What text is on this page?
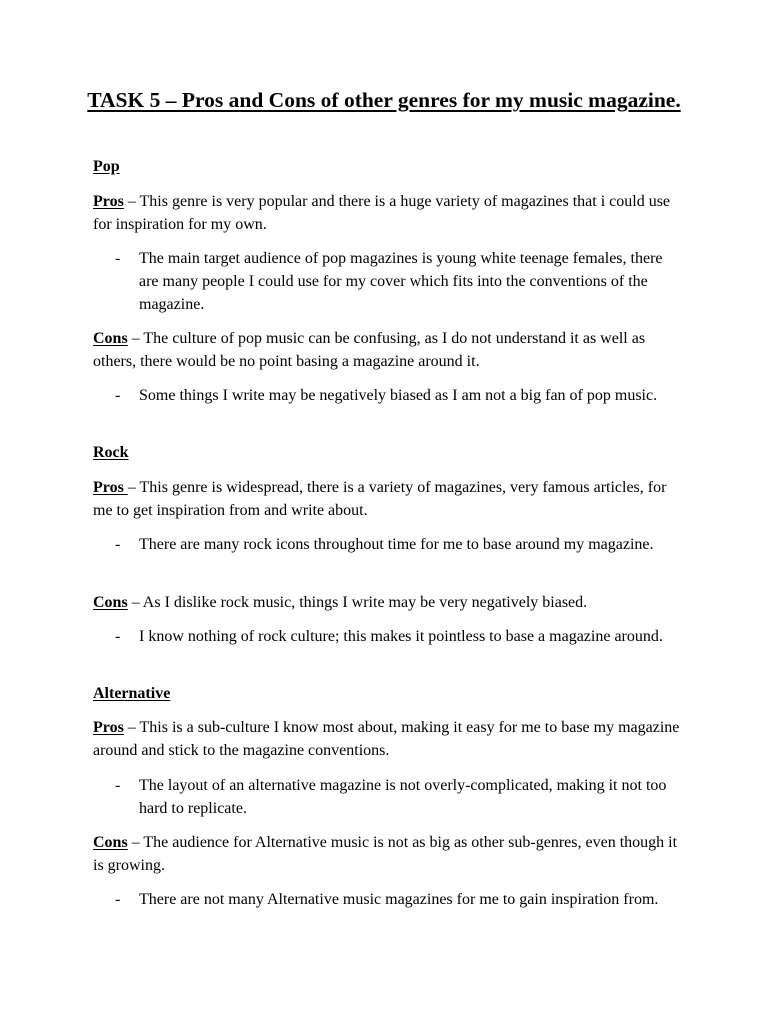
TASK 5 – Pros and Cons of other genres for my music magazine.

Pop

Pros – This genre is very popular and there is a huge variety of magazines that i could use for inspiration for my own.

- The main target audience of pop magazines is young white teenage females, there are many people I could use for my cover which fits into the conventions of the magazine.

Cons – The culture of pop music can be confusing, as I do not understand it as well as others, there would be no point basing a magazine around it.

- Some things I write may be negatively biased as I am not a big fan of pop music.

Rock

Pros – This genre is widespread, there is a variety of magazines, very famous articles, for me to get inspiration from and write about.

- There are many rock icons throughout time for me to base around my magazine.

Cons – As I dislike rock music, things I write may be very negatively biased.

- I know nothing of rock culture; this makes it pointless to base a magazine around.

Alternative

Pros – This is a sub-culture I know most about, making it easy for me to base my magazine around and stick to the magazine conventions.

- The layout of an alternative magazine is not overly-complicated, making it not too hard to replicate.

Cons – The audience for Alternative music is not as big as other sub-genres, even though it is growing.

- There are not many Alternative music magazines for me to gain inspiration from.
